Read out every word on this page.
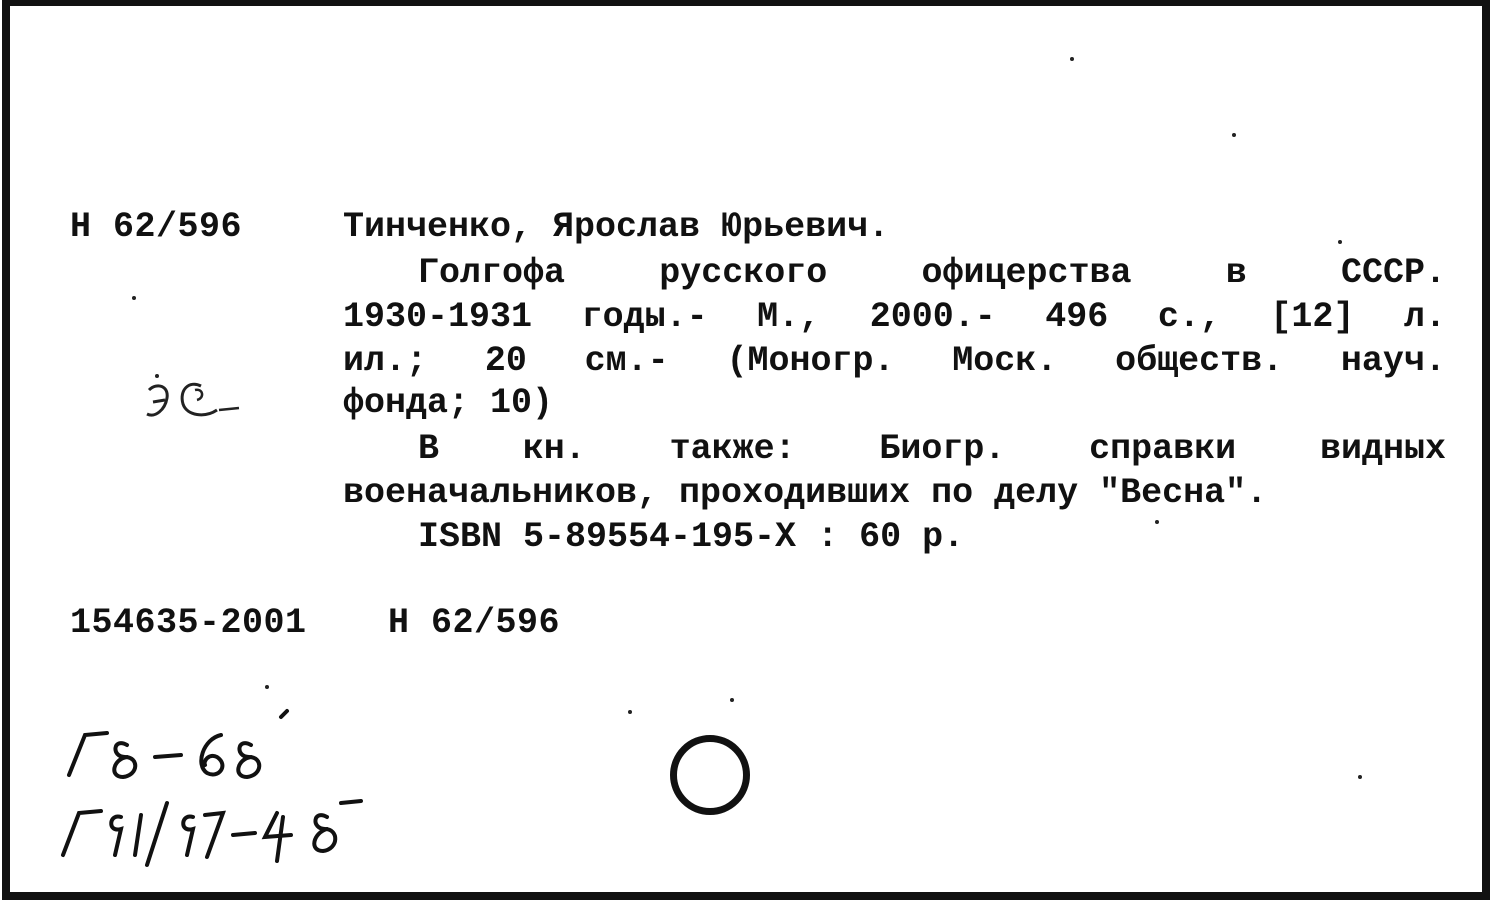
Н 62/596	Тинченко, Ярослав Юрьевич.
Голгофа	русского	офицерства	в	СССР.
1930-1931 годы.- М., 2000.- 496 с., [12] л.
ил.; 20 см.- (Моногр. Моск. обществ. науч.
фонда; 10)
В кн. также: Биогр. справки видных
военачальников, проходивших по делу "Весна".
ISBN 5-89554-195-X : 60 р.
154635-2001 Н 62/596
